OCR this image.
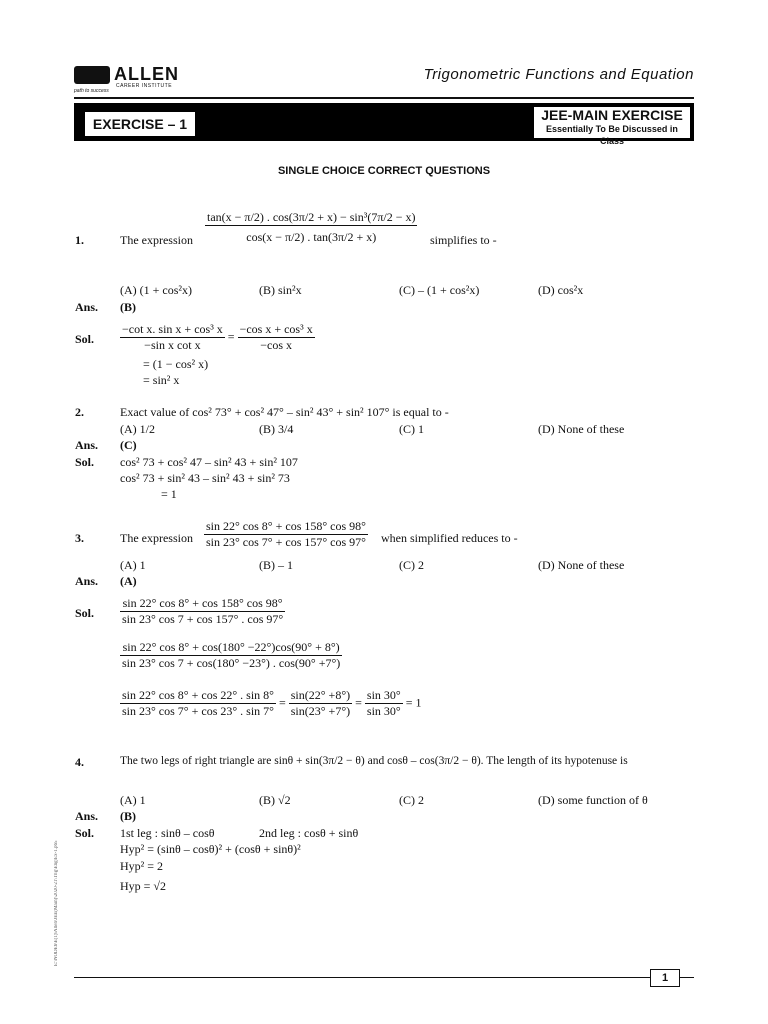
ALLEN
CAREER INSTITUTE
path to success
Trigonometric Functions and Equation
EXERCISE – 1
JEE-MAIN EXERCISE
Essentially To Be Discussed in Class
SINGLE CHOICE CORRECT QUESTIONS
1.	The expression $\frac{\text{tan(x − π/2) . cos(3π/2 + x) − sin³(7π/2 − x)}}{\cos(x - \pi/2) . \tan(3\pi/2 + x)}$ simplifies to -
(A) (1 + cos²x)	(B) sin²x	(C) – (1 + cos²x)	(D) cos²x
Ans. (B)
Sol. $\frac{\text{−cot x. sin x + cos³ x}}{\text{−sin x cot x}} = \frac{\text{−cos x + cos³ x}}{\text{−cos x}}$
= (1 − cos² x)
= sin² x
2.	Exact value of cos² 73° + cos² 47° – sin² 43° + sin² 107° is equal to -
(A) 1/2	(B) 3/4	(C) 1	(D) None of these
Ans. (C)
Sol. cos² 73 + cos² 47 – sin² 43 + sin² 107
cos² 73 + sin² 43 – sin² 43 + sin² 73
= 1
3.	The expression $\frac{\sin 22^\circ \cos 8^\circ + \cos 158^\circ \cos 98^\circ}{\sin 23^\circ \cos 7^\circ + \cos 157^\circ \cos 97^\circ}$ when simplified reduces to -
(A) 1	(B) – 1	(C) 2	(D) None of these
Ans. (A)
Sol. $\frac{\sin 22^\circ \cos 8^\circ + \cos 158^\circ \cos 98^\circ}{\sin 23^\circ \cos 7 + \cos 157^\circ . \cos 97^\circ}$
$\frac{\sin 22^\circ \cos 8^\circ + \cos(180^\circ -22^\circ)\cos(90^\circ + 8^\circ)}{\sin 23^\circ \cos 7 + \cos(180^\circ -23^\circ) . \cos(90^\circ +7^\circ)}$
$\frac{\sin 22^\circ \cos 8^\circ + \cos 22^\circ . \sin 8^\circ}{\sin 23^\circ \cos 7^\circ + \cos 23^\circ . \sin 7^\circ} = \frac{\sin(22^\circ +8^\circ)}{\sin(23^\circ +7^\circ)} = \frac{\sin 30^\circ}{\sin 30^\circ} = 1$
4.	The two legs of right triangle are sinθ + sin(3π/2 − θ) and cosθ – cos(3π/2 − θ). The length of its hypotenuse is
(A) 1	(B) √2	(C) 2	(D) some function of θ
Ans. (B)
Sol. 1st leg : sinθ – cosθ	2nd leg : cosθ + sinθ
Hyp² = (sinθ – cosθ)² + (cosθ + sinθ)²
Hyp² = 2
Hyp = √2
E:\NODE6\E(1)\Allen\JEE(Main)\2020-21\Trig\Eng\Ex-1.p65
1
